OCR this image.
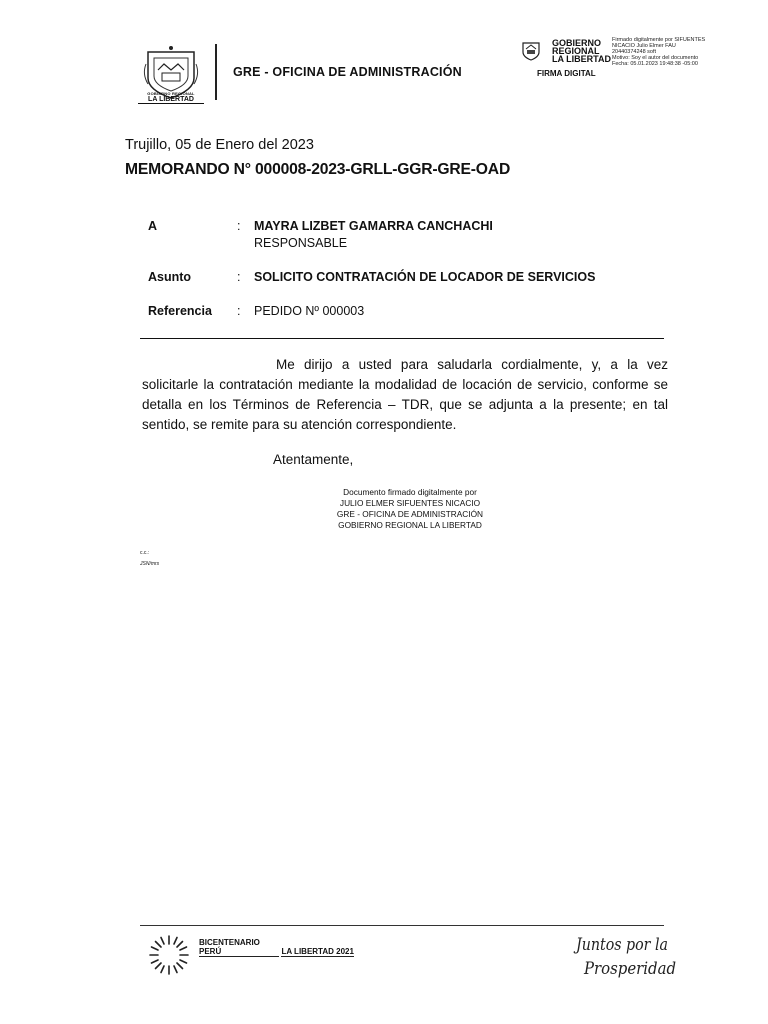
GOBIERNO REGIONAL
LA LIBERTAD
GRE - OFICINA DE ADMINISTRACIÓN
GOBIERNO
REGIONAL
LA LIBERTAD
Firmado digitalmente por SIFUENTES
NICACIO Julio Elmer FAU
20440374248 soft
Motivo: Soy el autor del documento
Fecha: 05.01.2023 19:48:38 -05:00
FIRMA DIGITAL
Trujillo, 05 de Enero del 2023
MEMORANDO N° 000008-2023-GRLL-GGR-GRE-OAD
A	: MAYRA LIZBET GAMARRA CANCHACHI
RESPONSABLE
Asunto	: SOLICITO CONTRATACIÓN DE LOCADOR DE SERVICIOS
Referencia : PEDIDO Nº 000003

Me dirijo a usted para saludarla cordialmente, y, a la vez solicitarle la contratación mediante la modalidad de locación de servicio, conforme se detalla en los Términos de Referencia – TDR, que se adjunta a la presente; en tal sentido, se remite para su atención correspondiente.

Atentamente,
Documento firmado digitalmente por
JULIO ELMER SIFUENTES NICACIO
GRE - OFICINA DE ADMINISTRACIÓN
GOBIERNO REGIONAL LA LIBERTAD
c.c.:
JSN/mrs
BICENTENARIO
PERÚ	LA LIBERTAD 2021	Juntos por la
Prosperidad
